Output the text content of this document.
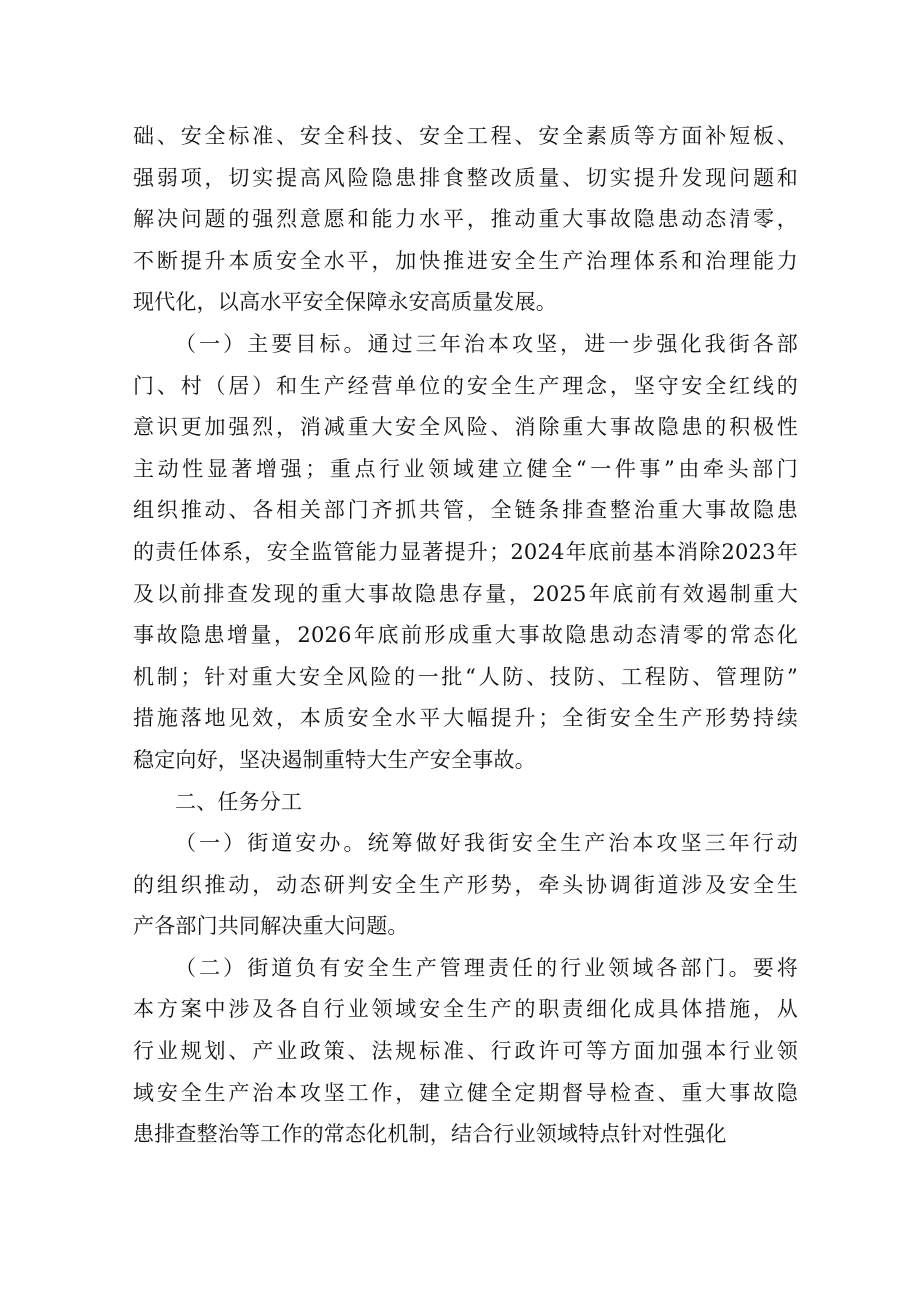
础、安全标准、安全科技、安全工程、安全素质等方面补短板、
强弱项，切实提高风险隐患排食整改质量、切实提升发现问题和
解决问题的强烈意愿和能力水平，推动重大事故隐患动态清零，
不断提升本质安全水平，加快推进安全生产治理体系和治理能力
现代化，以高水平安全保障永安高质量发展。
（一）主要目标。通过三年治本攻坚，进一步强化我街各部
门、村（居）和生产经营单位的安全生产理念，坚守安全红线的
意识更加强烈，消减重大安全风险、消除重大事故隐患的积极性
主动性显著增强；重点行业领域建立健全“一件事”由牵头部门
组织推动、各相关部门齐抓共管，全链条排查整治重大事故隐患
的责任体系，安全监管能力显著提升；2024年底前基本消除2023年
及以前排查发现的重大事故隐患存量，2025年底前有效遏制重大
事故隐患增量，2026年底前形成重大事故隐患动态清零的常态化
机制；针对重大安全风险的一批“人防、技防、工程防、管理防”
措施落地见效，本质安全水平大幅提升；全街安全生产形势持续
稳定向好，坚决遏制重特大生产安全事故。
二、任务分工
（一）街道安办。统筹做好我街安全生产治本攻坚三年行动
的组织推动，动态研判安全生产形势，牵头协调街道涉及安全生
产各部门共同解决重大问题。
（二）街道负有安全生产管理责任的行业领域各部门。要将
本方案中涉及各自行业领域安全生产的职责细化成具体措施，从
行业规划、产业政策、法规标准、行政许可等方面加强本行业领
域安全生产治本攻坚工作，建立健全定期督导检查、重大事故隐
患排查整治等工作的常态化机制，结合行业领域特点针对性强化
